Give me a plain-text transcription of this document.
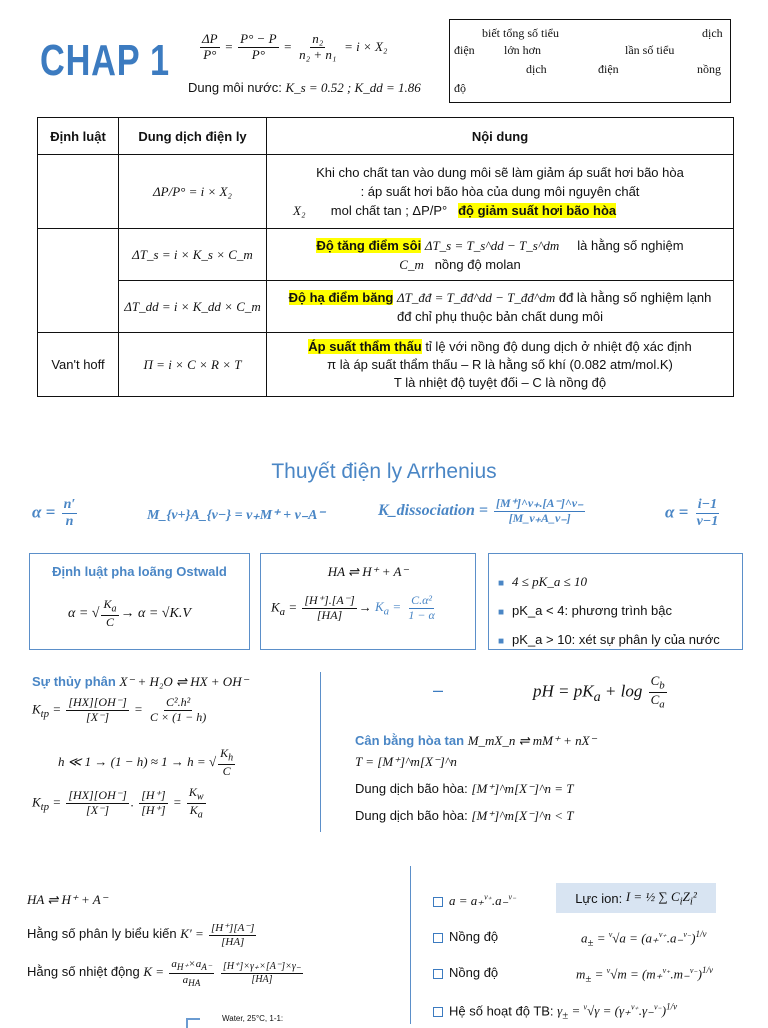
CHAP $1 \frac{\Delta P}{P^\circ} = \frac{P^\circ - P}{P^\circ} = \frac{\text{n₂}}{\text{n₂ + n₁}} = i \times X_2$
Dung môi nước: K_s = 0.52 ; K_dd = 1.86
biết tổng số tiểu	dịch
điện lớn hơn	lần số tiểu
dịch	điện	nồng
độ
Định luật	Dung dịch điện ly	Nội dung
	ΔP/P° = i × X₂	Khi cho chất tan vào dung môi sẽ làm giảm áp suất hơi bão hòa
: áp suất hơi bão hòa của dung môi nguyên chất
X₂ mol chất tan ; ΔP/P° độ giảm suất hơi bão hòa

	ΔT_s = i × K_s × C_m	Độ tăng điểm sôi ΔT_s = T_s^dd − T_s^dm là hằng số nghiệm
C_m nồng độ molan

	ΔT_dd = i × K_dd × C_m	Độ hạ điểm băng ΔT_đđ = T_đđ^dd − T_đđ^dm đđ là hằng số nghiệm lạnh
đđ chỉ phụ thuộc bản chất dung môi

Van't hoff	Π = i × C × R × T	Áp suất thẩm thấu tỉ lệ với nồng độ dung dịch ở nhiệt độ xác định
π là áp suất thẩm thấu – R là hằng số khí (0.082 atm/mol.K)
T là nhiệt độ tuyệt đối – C là nồng độ
Thuyết điện ly Arrhenius
$\alpha = \frac{n'}{n}$	M_{ν+}A_{ν−} = ν₊M⁺ + ν₋A⁻	K_dissociation = $\frac{[M^+]\^{}\nu_+.[A^-]\^{}\nu_-}{[M\_\nu_+A\_\nu_-]}$	$\alpha = \frac{i-1}{\nu-1}$
Định luật pha loãng Ostwald
α = √ $\frac{K_a}{C} \to \alpha = √K.V$
HA ⇌ H⁺ + A⁻
$K_a = \frac{[H^+].[A^-]}{[HA]} \to K_a = \frac{\text{C.α²}}{1 - \alpha}$
■ 4 ≤ pK_a ≤ 10
■ pK_a < 4: phương trình bậc
■ pK_a > 10: xét sự phân ly của nước
Sự thủy phân X⁻ + H₂O ⇌ HX + OH⁻
$K_{tp} = \frac{[HX][OH^-]}{[X^-]} = \frac{\text{C².h²}}{C \times (1 - h)}$
h ≪ 1 → (1 − h) ≈ 1 → h = √ $\frac{K_h}{C}$
$K_{tp} = \frac{[HX][OH^-]}{[X^-]}$ . $\frac{[H^+]}{[H^+]} = \frac{K_w}{K_a}$
–	pH = $pK_a + \log \frac{C_b}{C_a}$
Cân bằng hòa tan M_mX_n ⇌ mM⁺ + nX⁻
T = [M⁺]^m[X⁻]^n
Dung dịch bão hòa: [M⁺]^m[X⁻]^n = T
Dung dịch bão hòa: [M⁺]^m[X⁻]^n < T
HA ⇌ H⁺ + A⁻
Hằng số phân ly biểu kiến $K' = \frac{[H^+][A^-]}{[HA]}$
Hằng số nhiệt động $K = \frac{a_{H^+}\times a_{A^-}}{a_{HA}}$
$\frac{[H^+]\times\gamma_+\times[A^-]\times\gamma_-}{[HA]}$
Water, 25°C, 1-1:
a = a₊$^{\nu_+}$.a₋$^{\nu_-}$	Lực ion:
I = ½ ∑ $C_iZ_i^2$
Nồng độ	$a_\pm = ^\nu√a = (a_+^{\nu_+}.a_-^{\nu_-})^{1/\nu}$
Nồng độ	$m_\pm = ^\nu√m = (m_+^{\nu_+}.m_-^{\nu_-})^{1/\nu}$
Hệ số hoạt độ TB: $\gamma_\pm = ^\nu√\gamma = (\gamma_+^{\nu_+}.\gamma_-^{\nu_-})^{1/\nu}$
